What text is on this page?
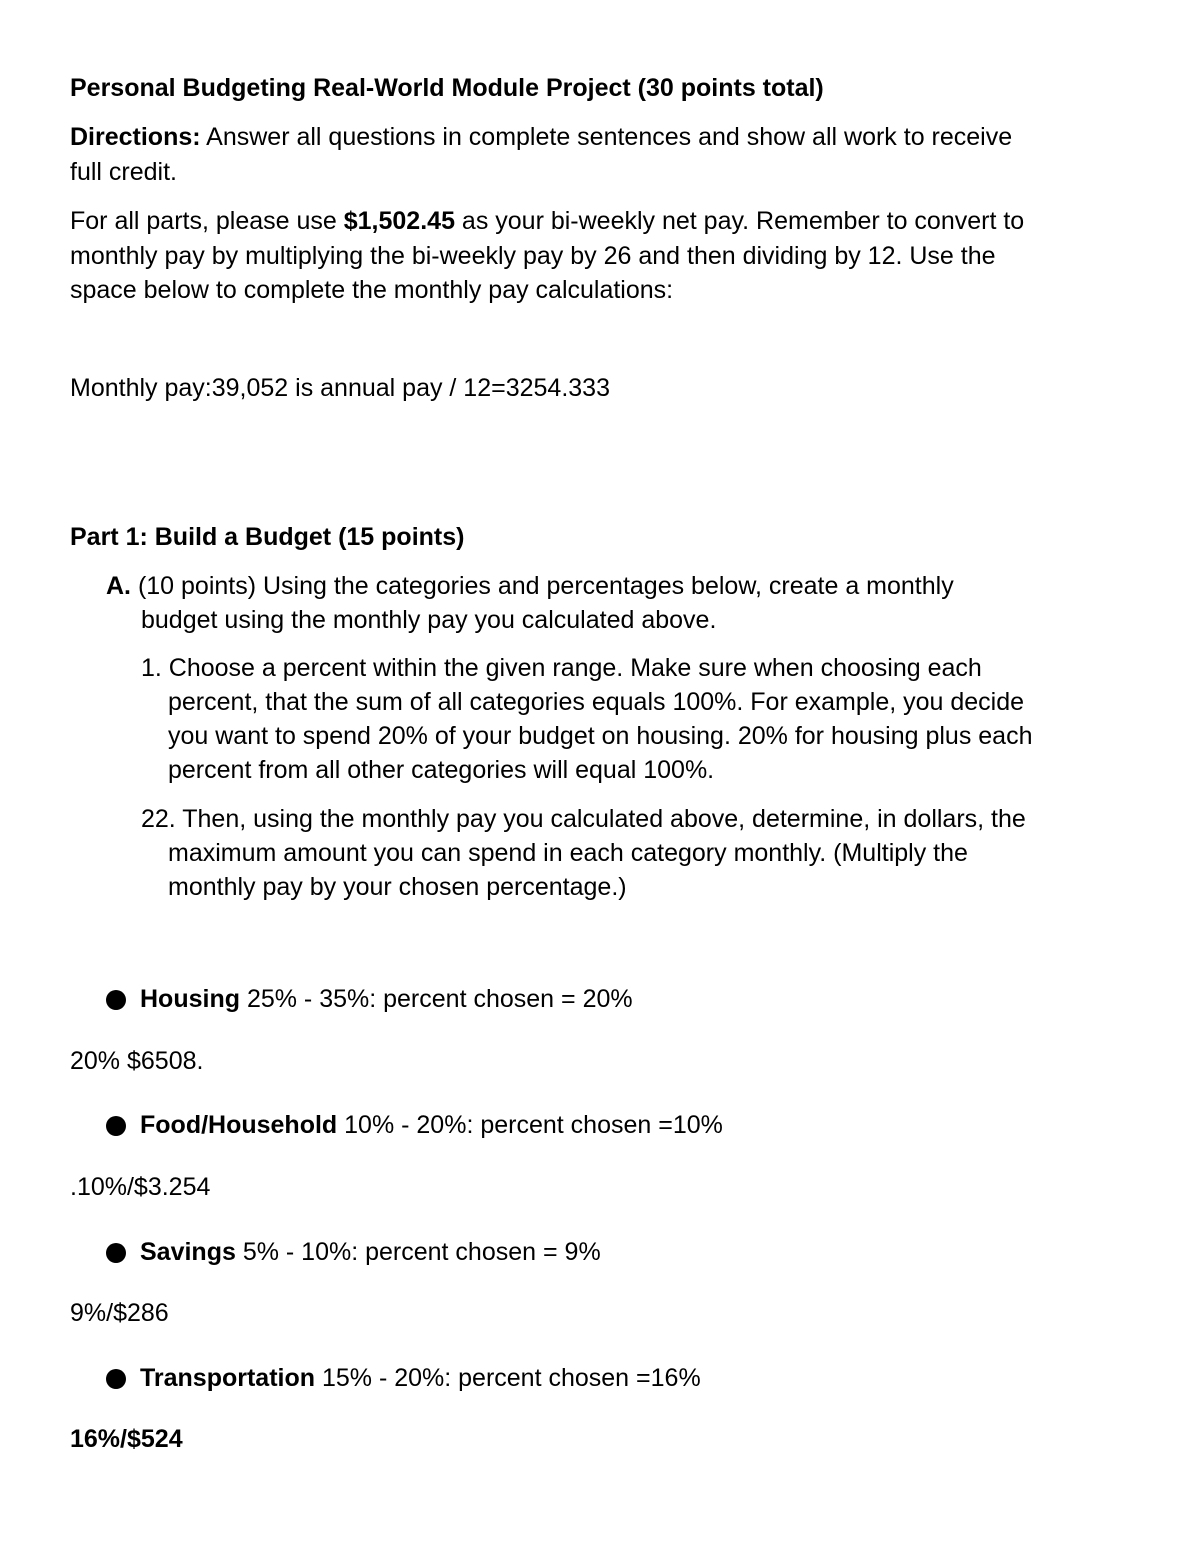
Personal Budgeting Real-World Module Project (30 points total)
Directions: Answer all questions in complete sentences and show all work to receive
full credit.
For all parts, please use $1,502.45 as your bi-weekly net pay. Remember to convert to
monthly pay by multiplying the bi-weekly pay by 26 and then dividing by 12. Use the
space below to complete the monthly pay calculations:
Monthly pay:39,052 is annual pay / 12=3254.333
Part 1: Build a Budget (15 points)
A. (10 points) Using the categories and percentages below, create a monthly
budget using the monthly pay you calculated above.
1. Choose a percent within the given range. Make sure when choosing each
percent, that the sum of all categories equals 100%. For example, you decide
you want to spend 20% of your budget on housing. 20% for housing plus each
percent from all other categories will equal 100%.
22. Then, using the monthly pay you calculated above, determine, in dollars, the
maximum amount you can spend in each category monthly. (Multiply the
monthly pay by your chosen percentage.)
Housing 25% - 35%: percent chosen = 20%
20% $6508.
Food/Household 10% - 20%: percent chosen =10%
.10%/$3.254
Savings 5% - 10%: percent chosen = 9%
9%/$286
Transportation 15% - 20%: percent chosen =16%
16%/$524
